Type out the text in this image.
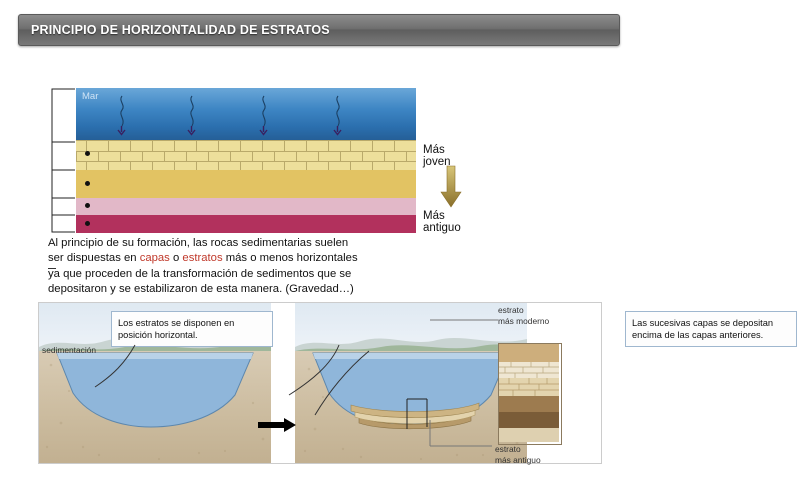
PRINCIPIO DE HORIZONTALIDAD DE ESTRATOS
Mar
Más joven
Más antiguo
Al principio de su formación, las rocas sedimentarias suelen
ser dispuestas en capas o estratos más o menos horizontales
ya que proceden de la transformación de sedimentos que se
depositaron y se estabilizaron de esta manera. (Gravedad…)
Los estratos se disponen en posición horizontal.
Las sucesivas capas se depositan encima de las capas anteriores.
sedimentación
estrato
más moderno
estrato
más antiguo
